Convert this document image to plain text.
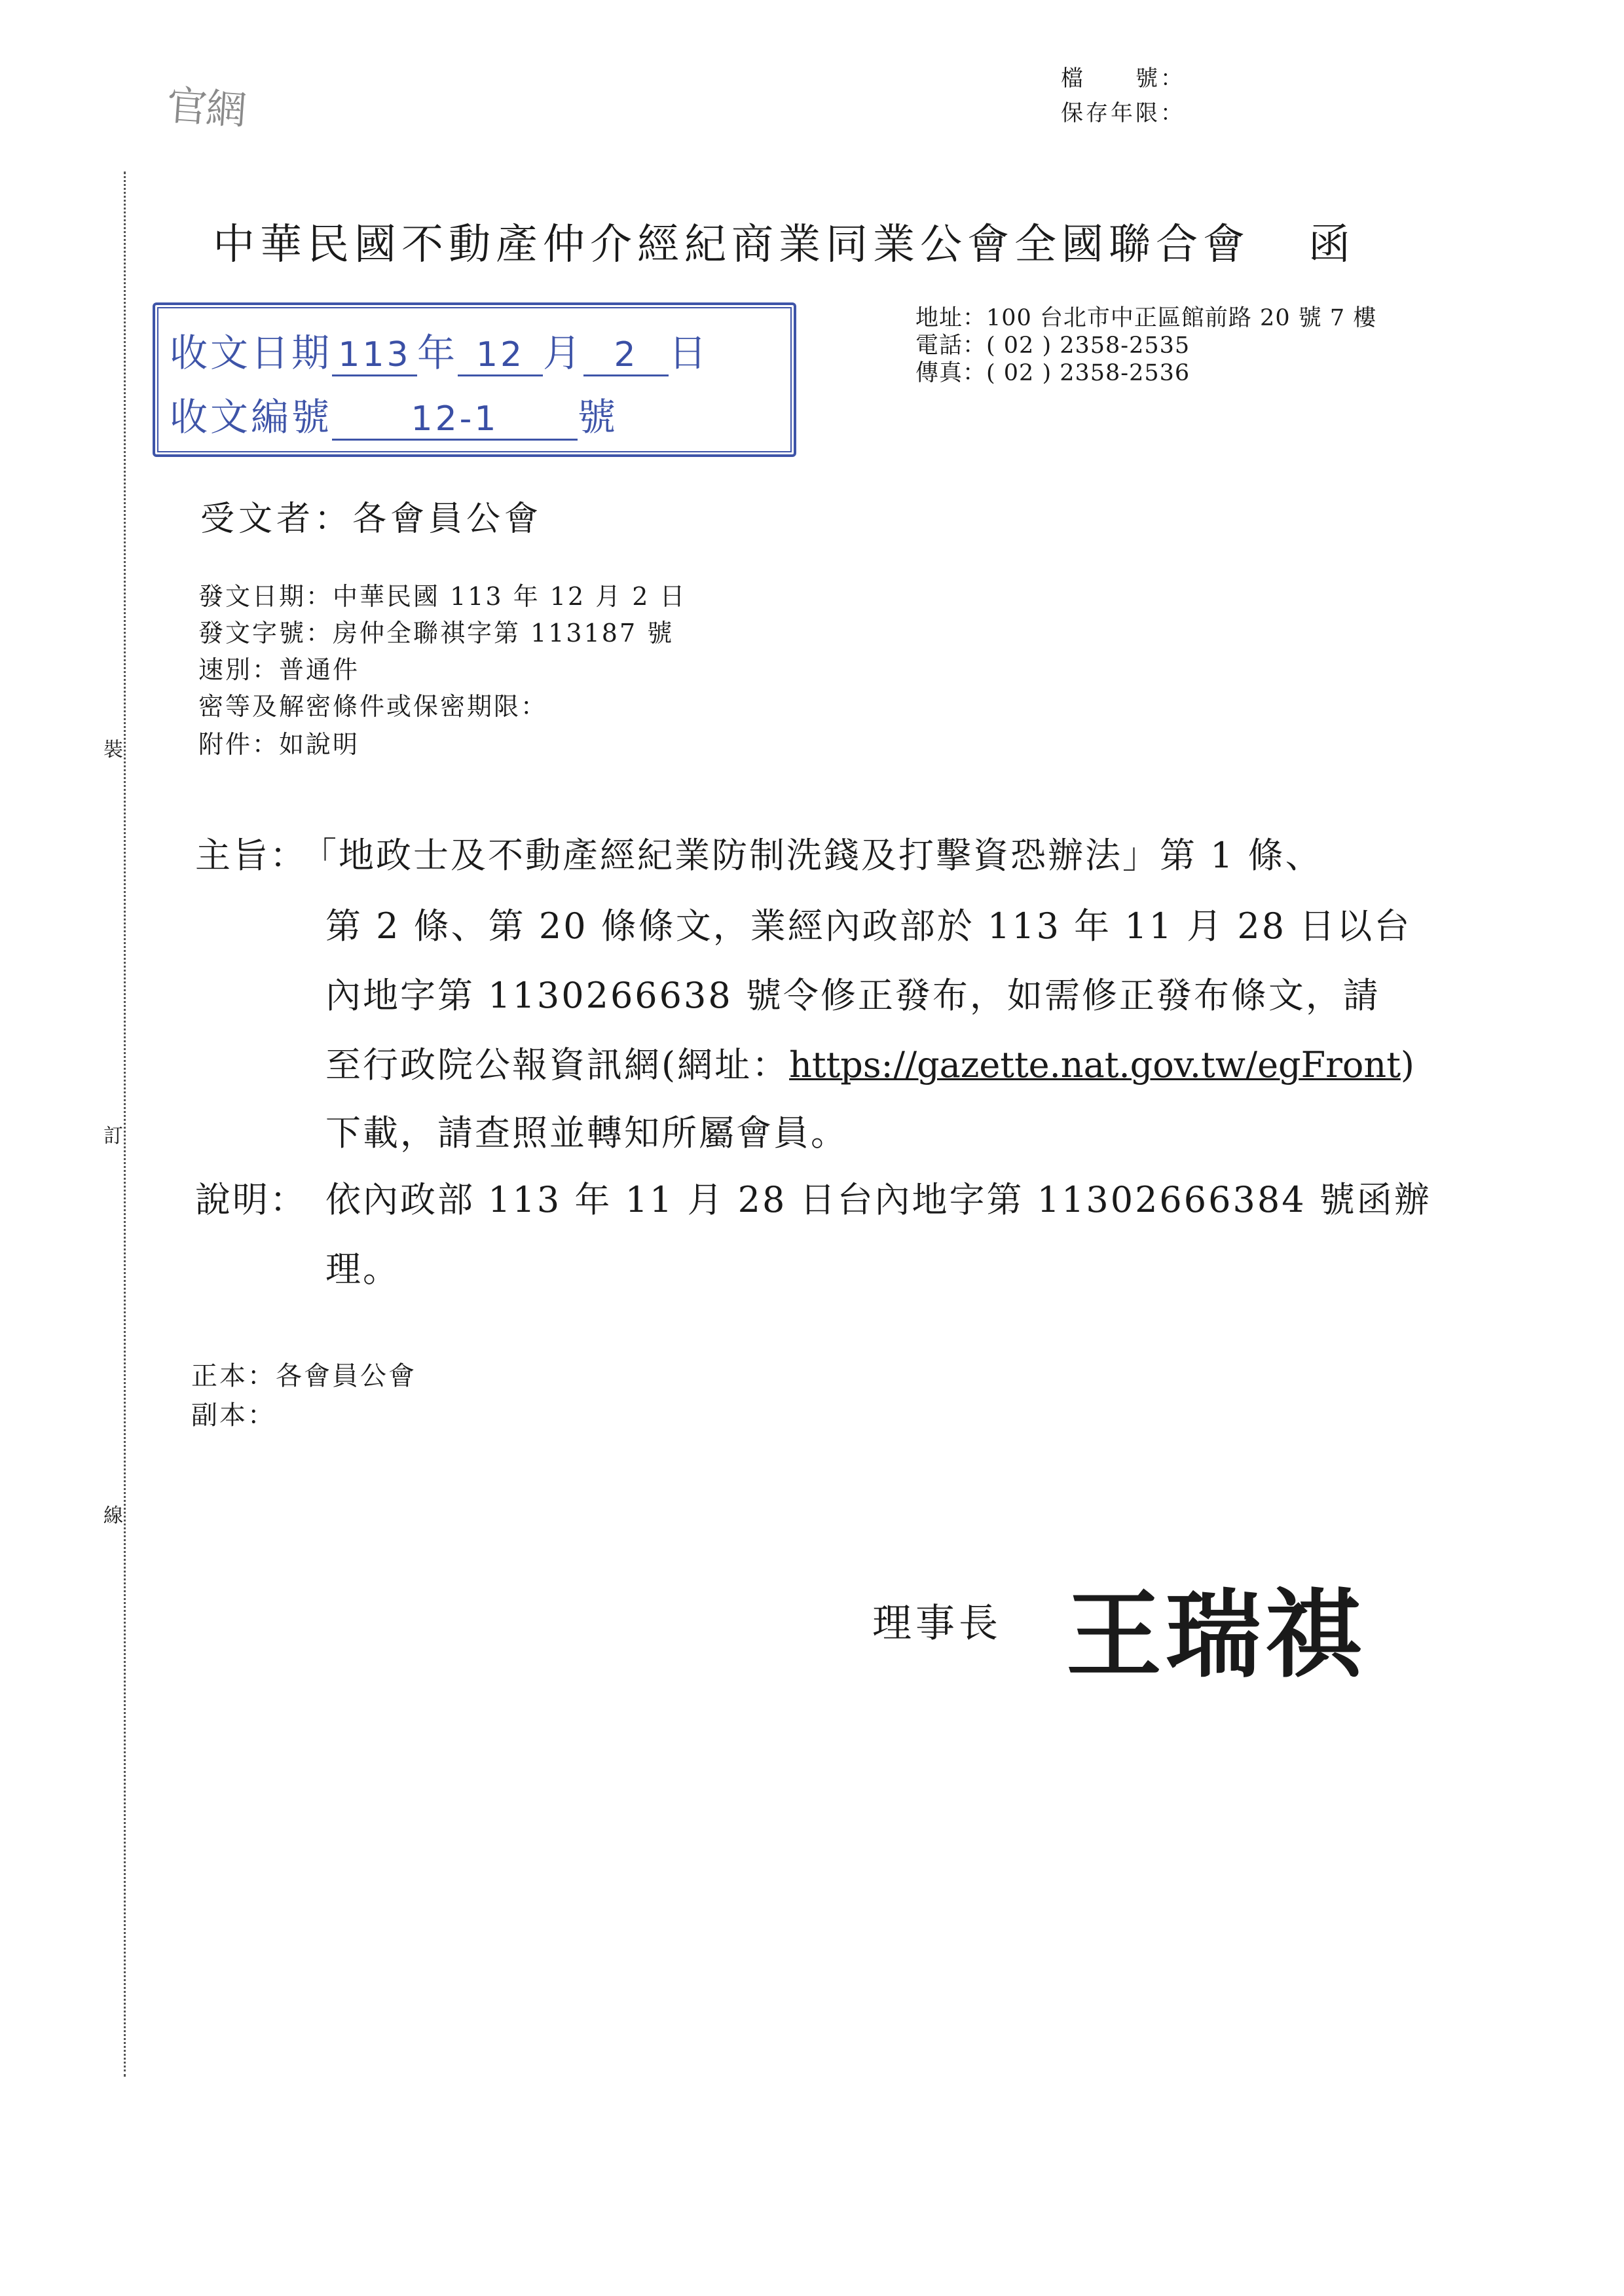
檔　　號：
保存年限：
官網
裝
訂
線
中華民國不動產仲介經紀商業同業公會全國聯合會 函
收文日期 113 年 12 月 2 日
收文編號 12-1 號
地址：100 台北市中正區館前路 20 號 7 樓
電話：( 02 ) 2358-2535
傳真：( 02 ) 2358-2536
受文者：各會員公會
發文日期：中華民國 113 年 12 月 2 日
發文字號：房仲全聯祺字第 113187 號
速別：普通件
密等及解密條件或保密期限：
附件：如說明
主旨：
「地政士及不動產經紀業防制洗錢及打擊資恐辦法」第 1 條、
第 2 條、第 20 條條文，業經內政部於 113 年 11 月 28 日以台
內地字第 1130266638 號令修正發布，如需修正發布條文，請
至行政院公報資訊網(網址：https://gazette.nat.gov.tw/egFront)
下載，請查照並轉知所屬會員。
說明： 依內政部 113 年 11 月 28 日台內地字第 11302666384 號函辦
理。
正本：各會員公會
副本：
理事長 王瑞祺
